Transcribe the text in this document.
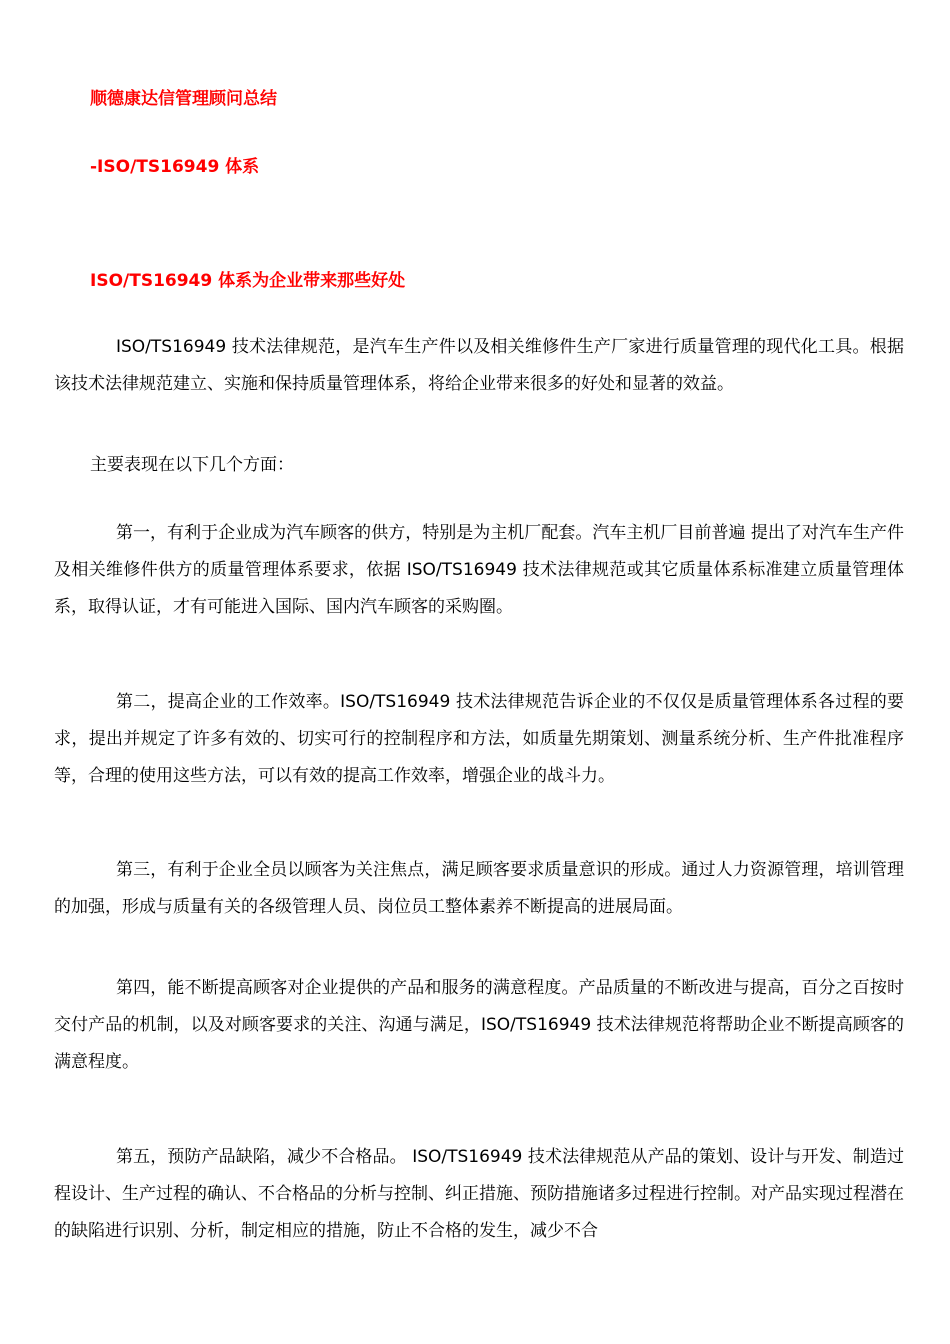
顺德康达信管理顾问总结
-ISO/TS16949 体系
ISO/TS16949 体系为企业带来那些好处

ISO/TS16949 技术法律规范，是汽车生产件以及相关维修件生产厂家进行质量管理的现代化工具。根据该技术法律规范建立、实施和保持质量管理体系，将给企业带来很多的好处和显著的效益。

主要表现在以下几个方面：

第一，有利于企业成为汽车顾客的供方，特别是为主机厂配套。汽车主机厂目前普遍 提出了对汽车生产件及相关维修件供方的质量管理体系要求，依据 ISO/TS16949 技术法律规范或其它质量体系标准建立质量管理体系，取得认证，才有可能进入国际、国内汽车顾客的采购圈。

第二，提高企业的工作效率。ISO/TS16949 技术法律规范告诉企业的不仅仅是质量管理体系各过程的要求，提出并规定了许多有效的、切实可行的控制程序和方法，如质量先期策划、测量系统分析、生产件批准程序等，合理的使用这些方法，可以有效的提高工作效率，增强企业的战斗力。

第三，有利于企业全员以顾客为关注焦点，满足顾客要求质量意识的形成。通过人力资源管理，培训管理的加强，形成与质量有关的各级管理人员、岗位员工整体素养不断提高的进展局面。

第四，能不断提高顾客对企业提供的产品和服务的满意程度。产品质量的不断改进与提高，百分之百按时交付产品的机制，以及对顾客要求的关注、沟通与满足，ISO/TS16949 技术法律规范将帮助企业不断提高顾客的满意程度。

第五，预防产品缺陷，减少不合格品。 ISO/TS16949 技术法律规范从产品的策划、设计与开发、制造过程设计、生产过程的确认、不合格品的分析与控制、纠正措施、预防措施诸多过程进行控制。对产品实现过程潜在的缺陷进行识别、分析，制定相应的措施，防止不合格的发生，减少不合
